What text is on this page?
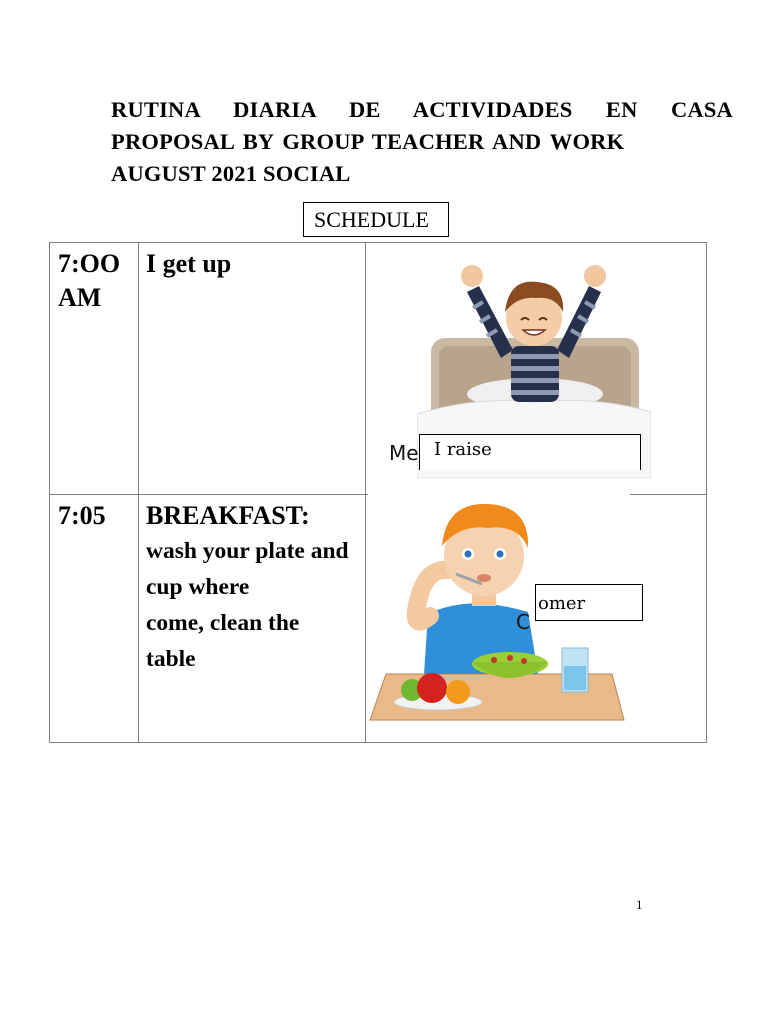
RUTINA DIARIA DE ACTIVIDADES EN CASA
PROPOSAL BY GROUP TEACHER AND WORK
AUGUST 2021 SOCIAL
SCHEDULE
7:OO
AM
I get up
7:05 BREAKFAST:
wash your plate and
cup where
come, clean the
table
Me I raise
C
omer
1
